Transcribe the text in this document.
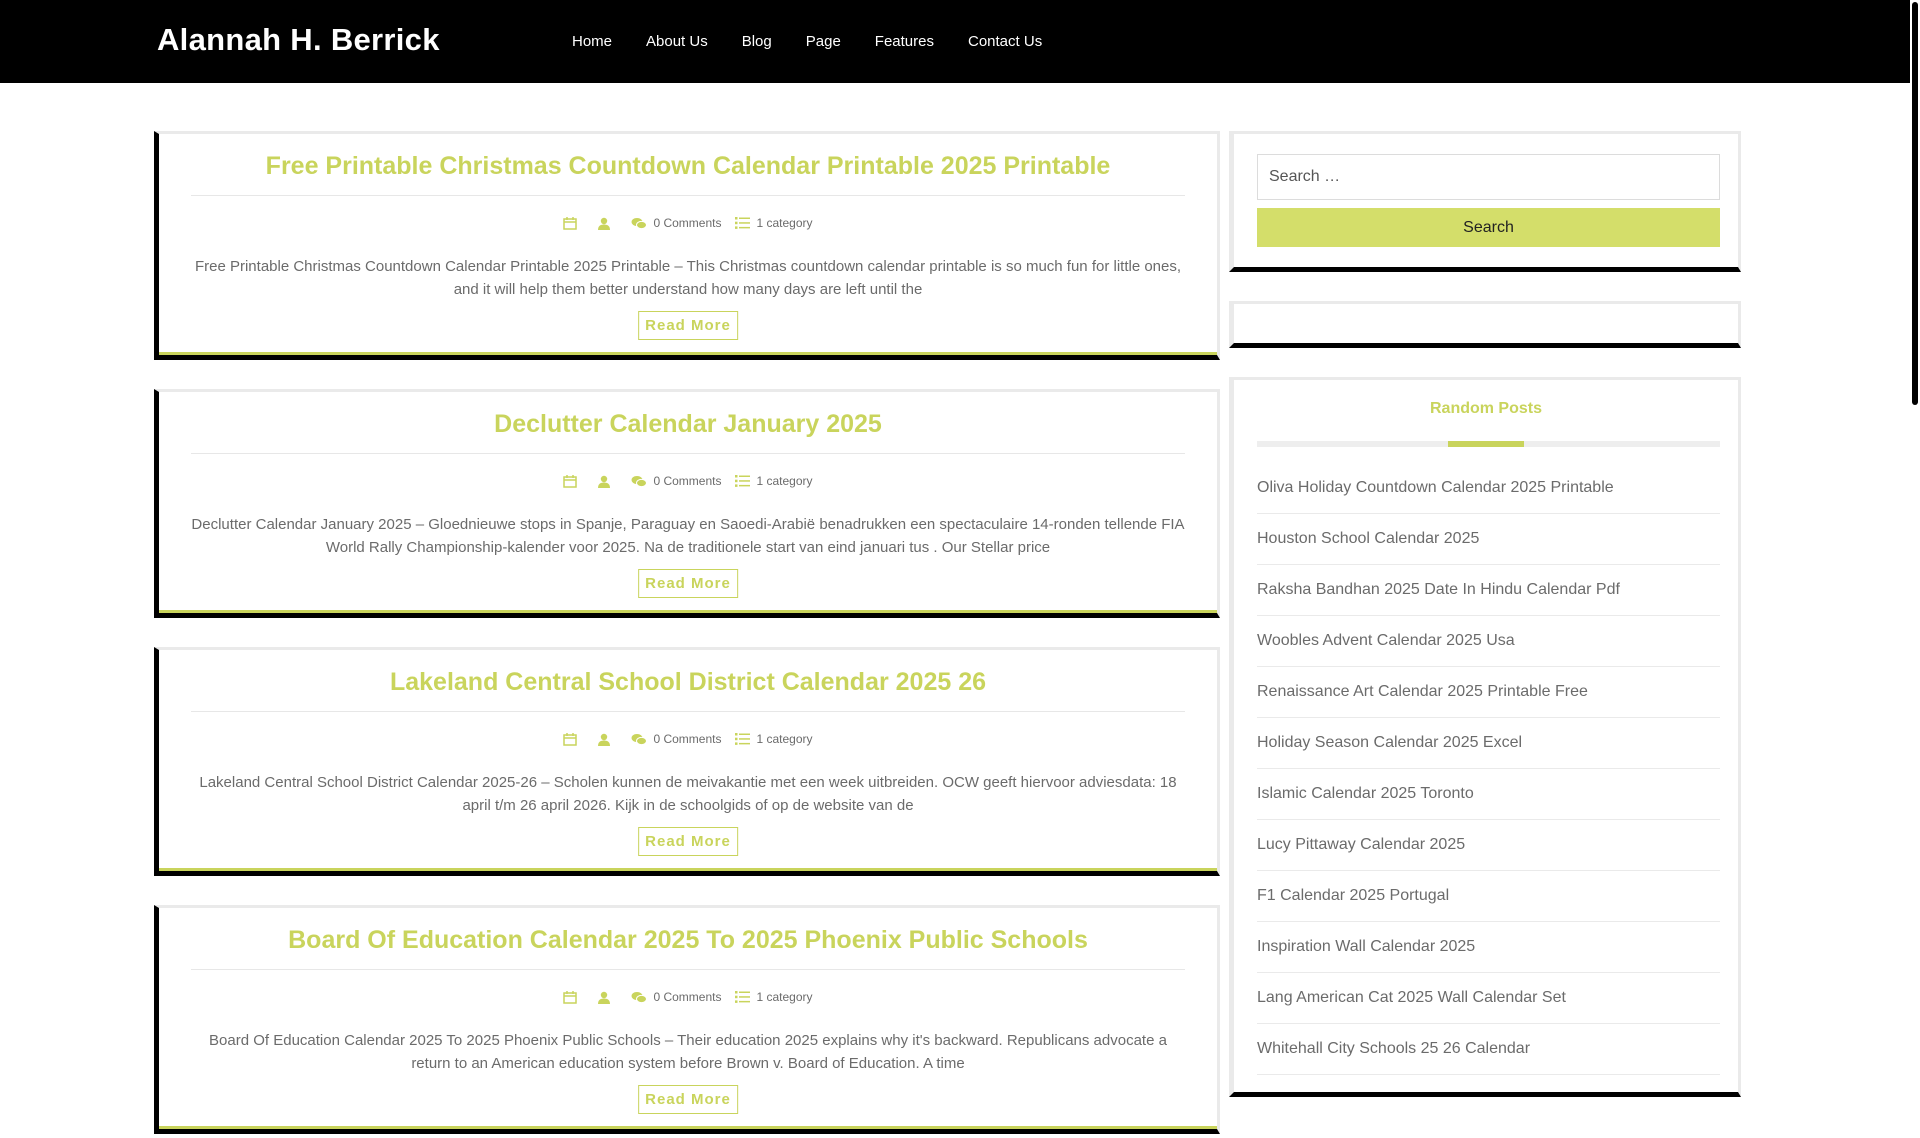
Alannah H. Berrick	Home About Us Blog Page Features Contact Us
Free Printable Christmas Countdown Calendar Printable 2025 Printable
0 Comments	1 category
Free Printable Christmas Countdown Calendar Printable 2025 Printable – This Christmas countdown calendar printable is so much fun for little ones, and it will help them better understand how many days are left until the
Read More
Declutter Calendar January 2025
0 Comments	1 category
Declutter Calendar January 2025 – Gloednieuwe stops in Spanje, Paraguay en Saoedi-Arabië benadrukken een spectaculaire 14-ronden tellende FIA World Rally Championship-kalender voor 2025. Na de traditionele start van eind januari tus . Our Stellar price
Read More
Lakeland Central School District Calendar 2025 26
0 Comments	1 category
Lakeland Central School District Calendar 2025-26 – Scholen kunnen de meivakantie met een week uitbreiden. OCW geeft hiervoor adviesdata: 18 april t/m 26 april 2026. Kijk in de schoolgids of op de website van de
Read More
Board Of Education Calendar 2025 To 2025 Phoenix Public Schools
0 Comments	1 category
Board Of Education Calendar 2025 To 2025 Phoenix Public Schools – Their education 2025 explains why it's backward. Republicans advocate a return to an American education system before Brown v. Board of Education. A time
Read More
Search …
Search
Random Posts
Oliva Holiday Countdown Calendar 2025 Printable
Houston School Calendar 2025
Raksha Bandhan 2025 Date In Hindu Calendar Pdf
Woobles Advent Calendar 2025 Usa
Renaissance Art Calendar 2025 Printable Free
Holiday Season Calendar 2025 Excel
Islamic Calendar 2025 Toronto
Lucy Pittaway Calendar 2025
F1 Calendar 2025 Portugal
Inspiration Wall Calendar 2025
Lang American Cat 2025 Wall Calendar Set
Whitehall City Schools 25 26 Calendar
